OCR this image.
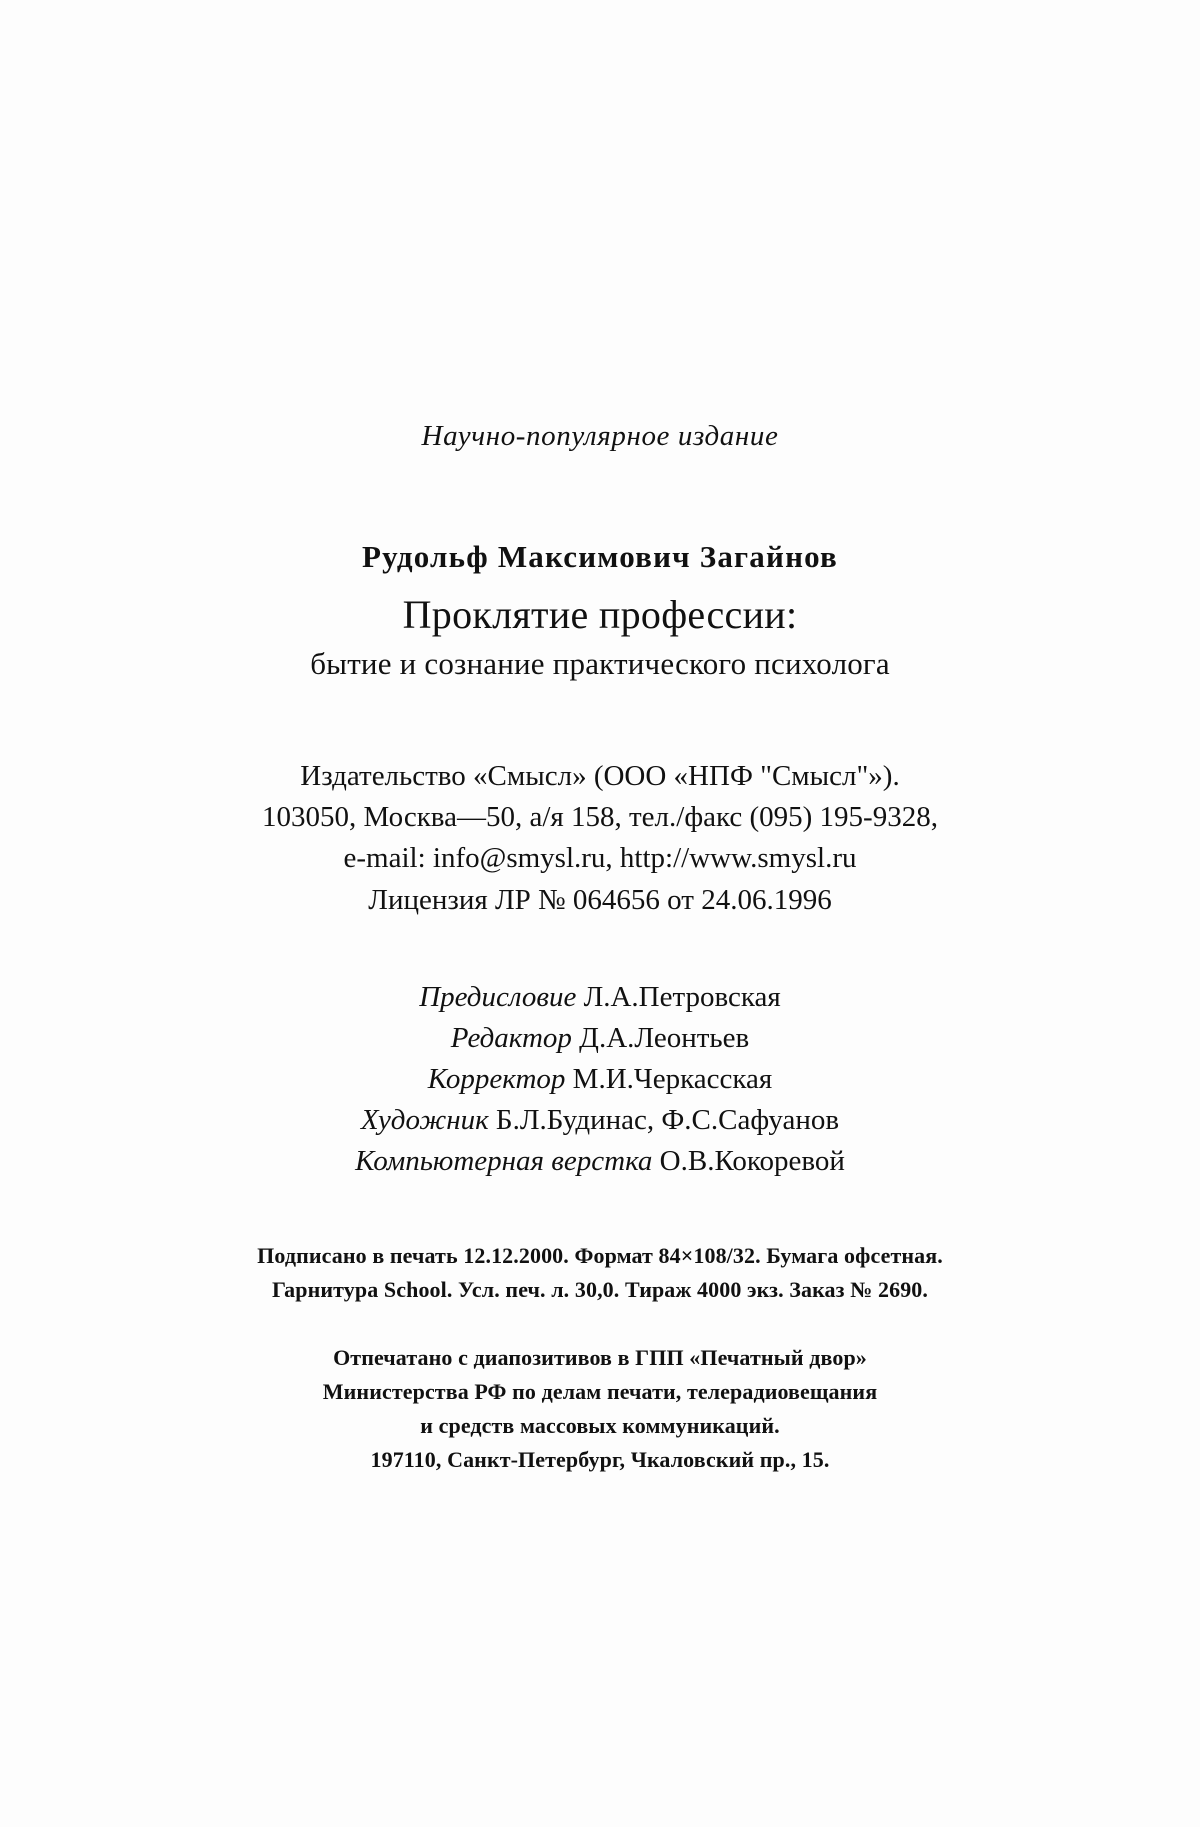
Научно-популярное издание
Рудольф Максимович Загайнов
Проклятие профессии:
бытие и сознание практического психолога
Издательство «Смысл» (ООО «НПФ "Смысл"»).
103050, Москва—50, а/я 158, тел./факс (095) 195-9328,
e-mail: info@smysl.ru, http://www.smysl.ru
Лицензия ЛР № 064656 от 24.06.1996
Предисловие Л.А.Петровская
Редактор Д.А.Леонтьев
Корректор М.И.Черкасская
Художник Б.Л.Будинас, Ф.С.Сафуанов
Компьютерная верстка О.В.Кокоревой
Подписано в печать 12.12.2000. Формат 84×108/32. Бумага офсетная.
Гарнитура School. Усл. печ. л. 30,0. Тираж 4000 экз. Заказ № 2690.
Отпечатано с диапозитивов в ГПП «Печатный двор»
Министерства РФ по делам печати, телерадиовещания
и средств массовых коммуникаций.
197110, Санкт-Петербург, Чкаловский пр., 15.
